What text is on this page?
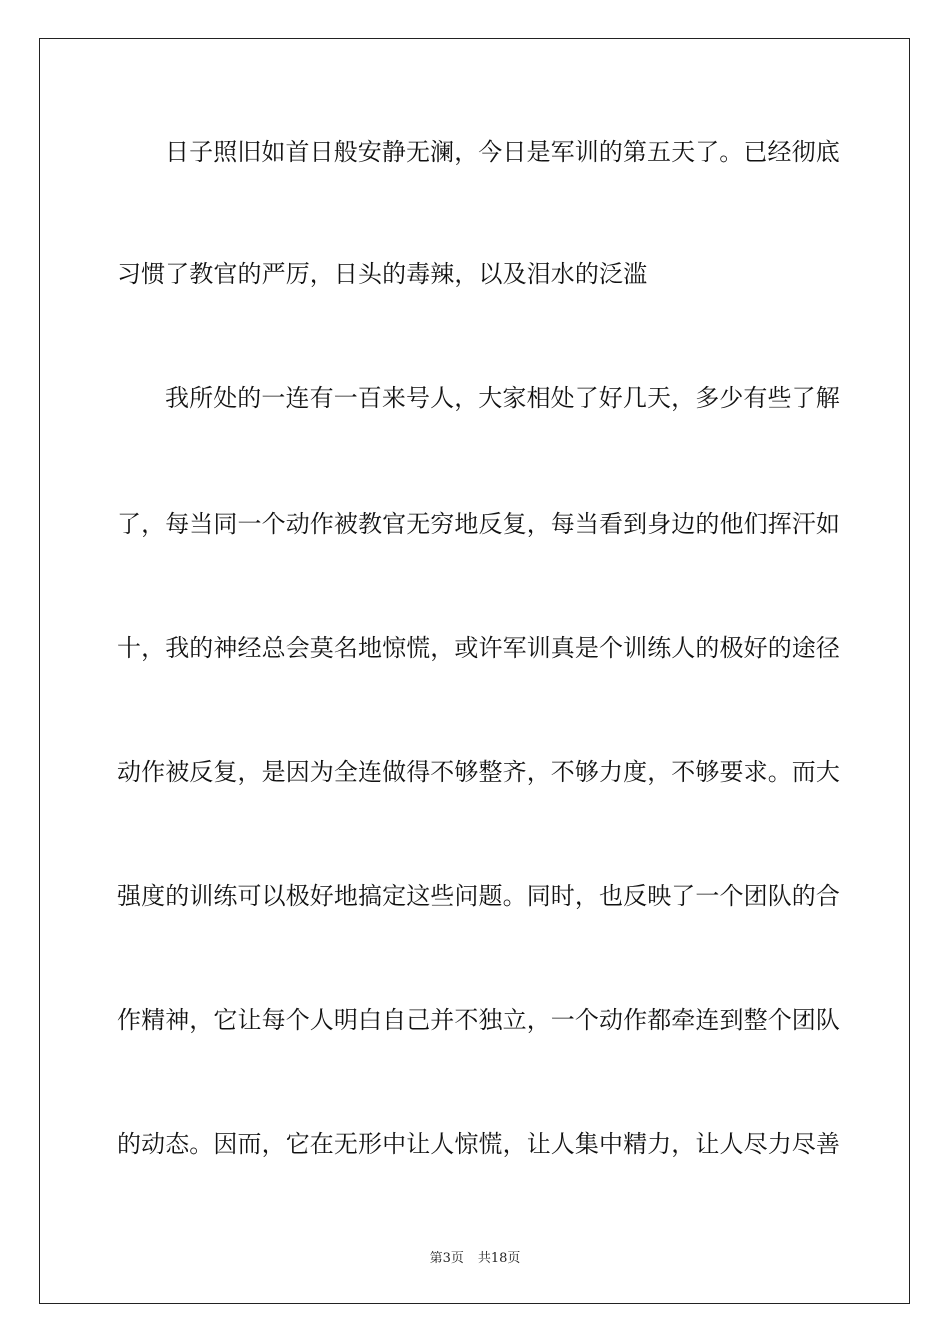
日子照旧如首日般安静无澜，今日是军训的第五天了。已经彻底
习惯了教官的严厉，日头的毒辣，以及泪水的泛滥
我所处的一连有一百来号人，大家相处了好几天，多少有些了解
了，每当同一个动作被教官无穷地反复，每当看到身边的他们挥汗如
十，我的神经总会莫名地惊慌，或许军训真是个训练人的极好的途径
动作被反复，是因为全连做得不够整齐，不够力度，不够要求。而大
强度的训练可以极好地搞定这些问题。同时，也反映了一个团队的合
作精神，它让每个人明白自己并不独立，一个动作都牵连到整个团队
的动态。因而，它在无形中让人惊慌，让人集中精力，让人尽力尽善
第3页 共18页
